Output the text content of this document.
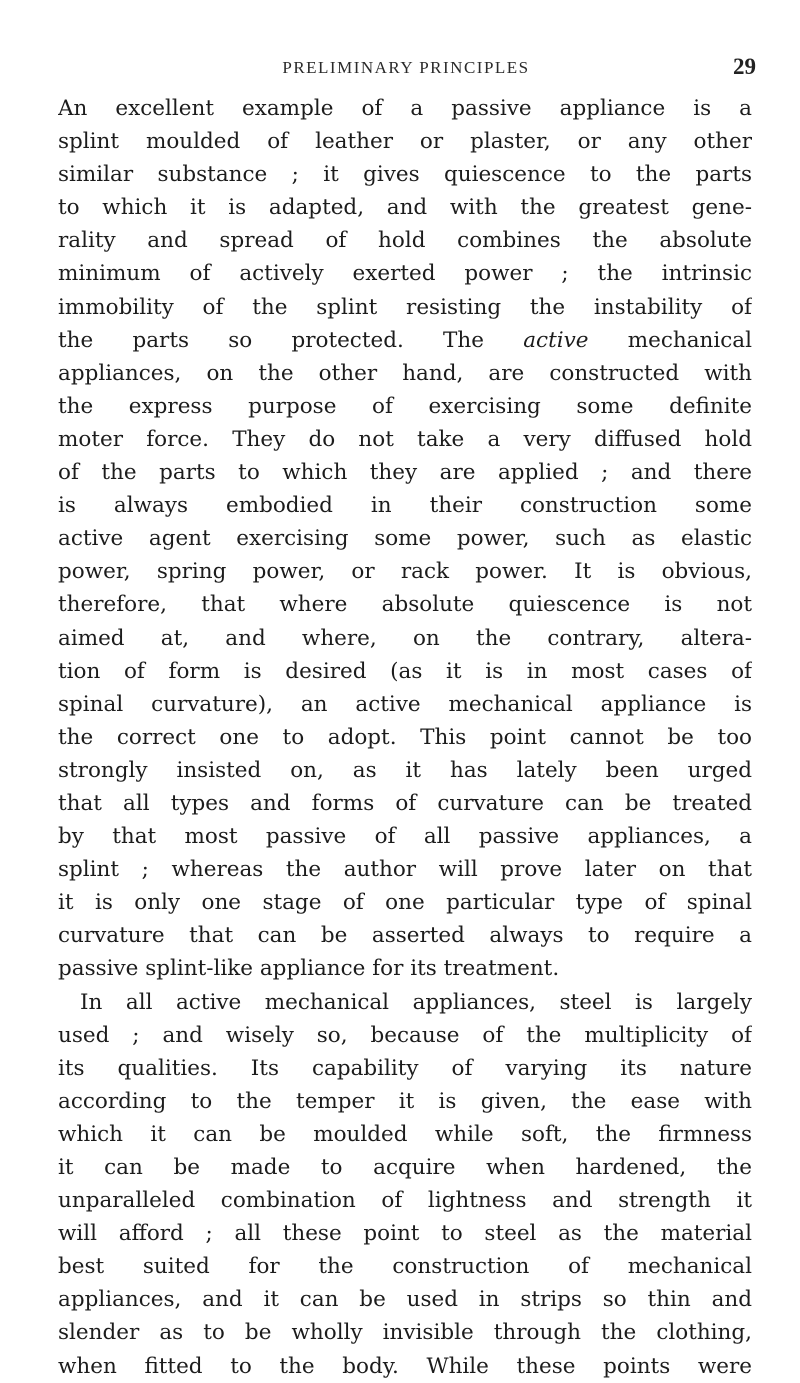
PRELIMINARY PRINCIPLES	29
An excellent example of a passive appliance is a
splint moulded of leather or plaster, or any other
similar substance ; it gives quiescence to the parts
to which it is adapted, and with the greatest gene-
rality and spread of hold combines the absolute
minimum of actively exerted power ; the intrinsic
immobility of the splint resisting the instability of
the parts so protected. The active mechanical
appliances, on the other hand, are constructed with
the express purpose of exercising some definite
moter force. They do not take a very diffused hold
of the parts to which they are applied ; and there
is always embodied in their construction some
active agent exercising some power, such as elastic
power, spring power, or rack power. It is obvious,
therefore, that where absolute quiescence is not
aimed at, and where, on the contrary, altera-
tion of form is desired (as it is in most cases of
spinal curvature), an active mechanical appliance is
the correct one to adopt. This point cannot be too
strongly insisted on, as it has lately been urged
that all types and forms of curvature can be treated
by that most passive of all passive appliances, a
splint ; whereas the author will prove later on that
it is only one stage of one particular type of spinal
curvature that can be asserted always to require a
passive splint-like appliance for its treatment.
In all active mechanical appliances, steel is largely
used ; and wisely so, because of the multiplicity of
its qualities. Its capability of varying its nature
according to the temper it is given, the ease with
which it can be moulded while soft, the firmness
it can be made to acquire when hardened, the
unparalleled combination of lightness and strength it
will afford ; all these point to steel as the material
best suited for the construction of mechanical
appliances, and it can be used in strips so thin and
slender as to be wholly invisible through the clothing,
when fitted to the body. While these points were
